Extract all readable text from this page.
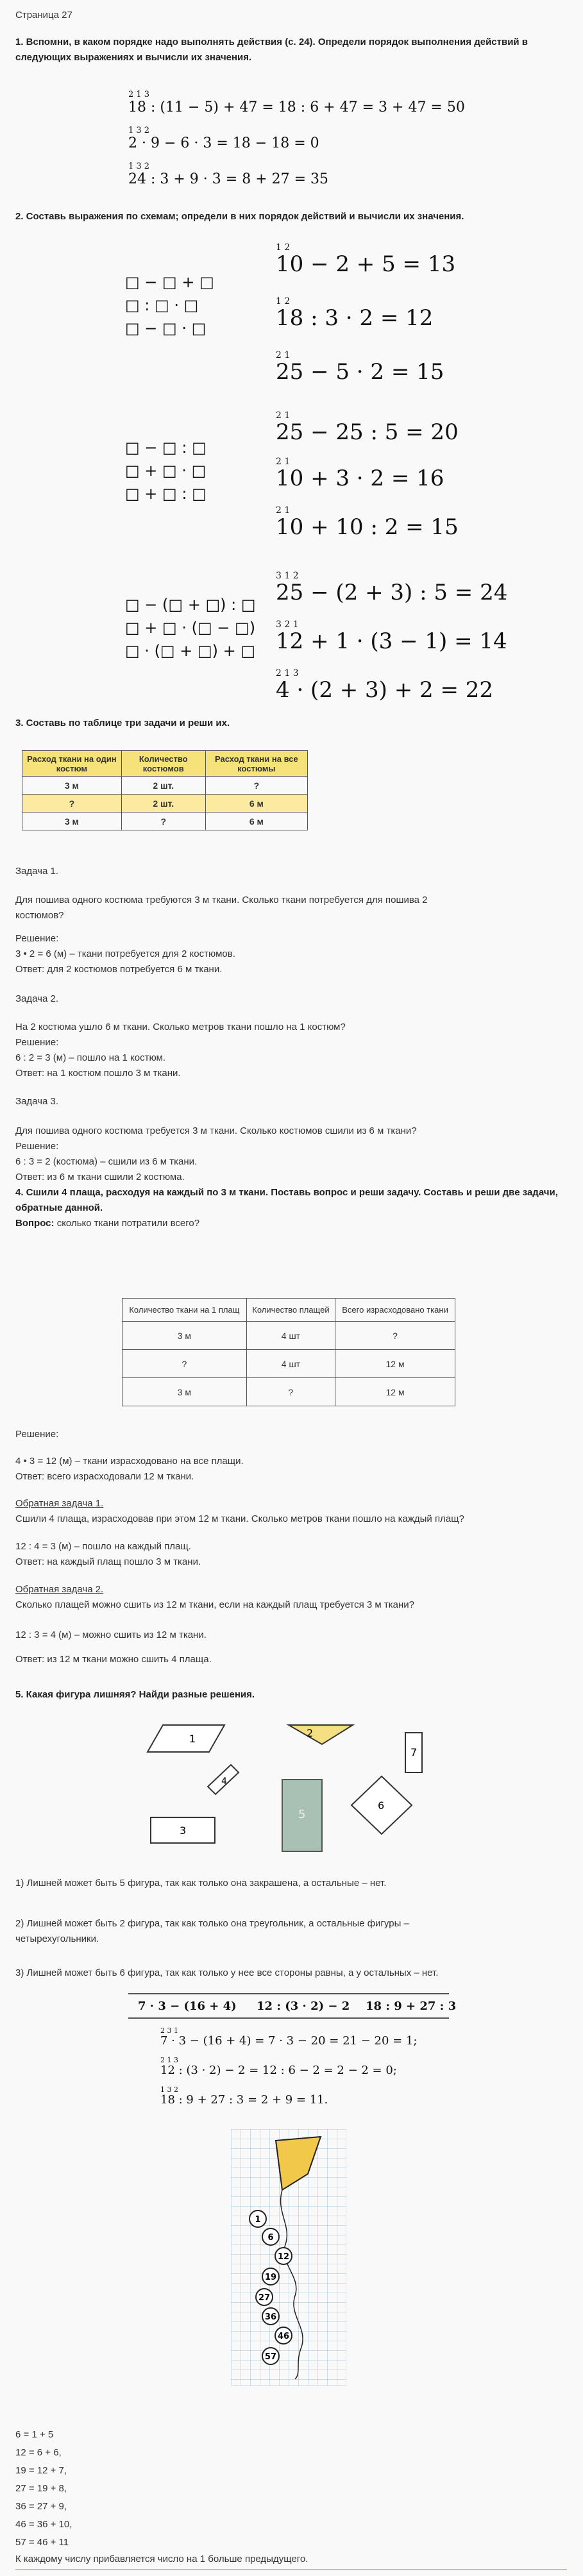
Страница 27

1. Вспомни, в каком порядке надо выполнять действия (с. 24). Определи порядок выполнения действий в следующих выражениях и вычисли их значения.

2 1 3
18 : (11 − 5) + 47 = 18 : 6 + 47 = 3 + 47 = 50
1 3 2
2 · 9 − 6 · 3 = 18 − 18 = 0
1 3 2
24 : 3 + 9 · 3 = 8 + 27 = 35

2. Составь выражения по схемам; определи в них порядок действий и вычисли их значения.

□ − □ + □
□ : □ · □
□ − □ · □
□ − □ : □
□ + □ · □
□ + □ : □
□ − (□ + □) : □
□ + □ · (□ − □)
□ · (□ + □) + □
1 2
10 − 2 + 5 = 13
1 2
18 : 3 · 2 = 12
2 1
25 − 5 · 2 = 15
2 1
25 − 25 : 5 = 20
2 1
10 + 3 · 2 = 16
2 1
10 + 10 : 2 = 15
3 1 2
25 − (2 + 3) : 5 = 24
3 2 1
12 + 1 · (3 − 1) = 14
2 1 3
4 · (2 + 3) + 2 = 22

3. Составь по таблице три задачи и реши их.

Расход ткани на один костюм	Количество костюмов	Расход ткани на все костюмы
3 м	2 шт.	?
?	2 шт.	6 м
3 м	?	6 м

Задача 1.

Для пошива одного костюма требуются 3 м ткани. Сколько ткани потребуется для пошива 2

костюмов?

Решение:

3 • 2 = 6 (м) – ткани потребуется для 2 костюмов.

Ответ: для 2 костюмов потребуется 6 м ткани.

Задача 2.

На 2 костюма ушло 6 м ткани. Сколько метров ткани пошло на 1 костюм?

Решение:

6 : 2 = 3 (м) – пошло на 1 костюм.

Ответ: на 1 костюм пошло 3 м ткани.

Задача 3.

Для пошива одного костюма требуется 3 м ткани. Сколько костюмов сшили из 6 м ткани?

Решение:

6 : 3 = 2 (костюма) – сшили из 6 м ткани.

Ответ: из 6 м ткани сшили 2 костюма.

4. Сшили 4 плаща, расходуя на каждый по 3 м ткани. Поставь вопрос и реши задачу. Составь и реши две задачи, обратные данной.

Вопрос: сколько ткани потратили всего?

Количество ткани на 1 плащ	Количество плащей	Всего израсходовано ткани
3 м	4 шт	?
?	4 шт	12 м
3 м	?	12 м

Решение:

4 • 3 = 12 (м) – ткани израсходовано на все плащи.

Ответ: всего израсходовали 12 м ткани.

Обратная задача 1.

Сшили 4 плаща, израсходовав при этом 12 м ткани. Сколько метров ткани пошло на каждый плащ?

12 : 4 = 3 (м) – пошло на каждый плащ.

Ответ: на каждый плащ пошло 3 м ткани.

Обратная задача 2.

Сколько плащей можно сшить из 12 м ткани, если на каждый плащ требуется 3 м ткани?

12 : 3 = 4 (м) – можно сшить из 12 м ткани.

Ответ: из 12 м ткани можно сшить 4 плаща.

5. Какая фигура лишняя? Найди разные решения.

1	2
3
4
5
6
7

1) Лишней может быть 5 фигура, так как только она закрашена, а остальные – нет.

2) Лишней может быть 2 фигура, так как только она треугольник, а остальные фигуры –

четырехугольники.

3) Лишней может быть 6 фигура, так как только у нее все стороны равны, а у остальных – нет.

7 · 3 − (16 + 4) 12 : (3 · 2) − 2 18 : 9 + 27 : 3
2 3 1
7 · 3 − (16 + 4) = 7 · 3 − 20 = 21 − 20 = 1;
2 1 3
12 : (3 · 2) − 2 = 12 : 6 − 2 = 2 − 2 = 0;
1 3 2
18 : 9 + 27 : 3 = 2 + 9 = 11.
1
6
12
19
27
36
46
57

6 = 1 + 5

12 = 6 + 6,

19 = 12 + 7,

27 = 19 + 8,

36 = 27 + 9,

46 = 36 + 10,

57 = 46 + 11

К каждому числу прибавляется число на 1 больше предыдущего.
